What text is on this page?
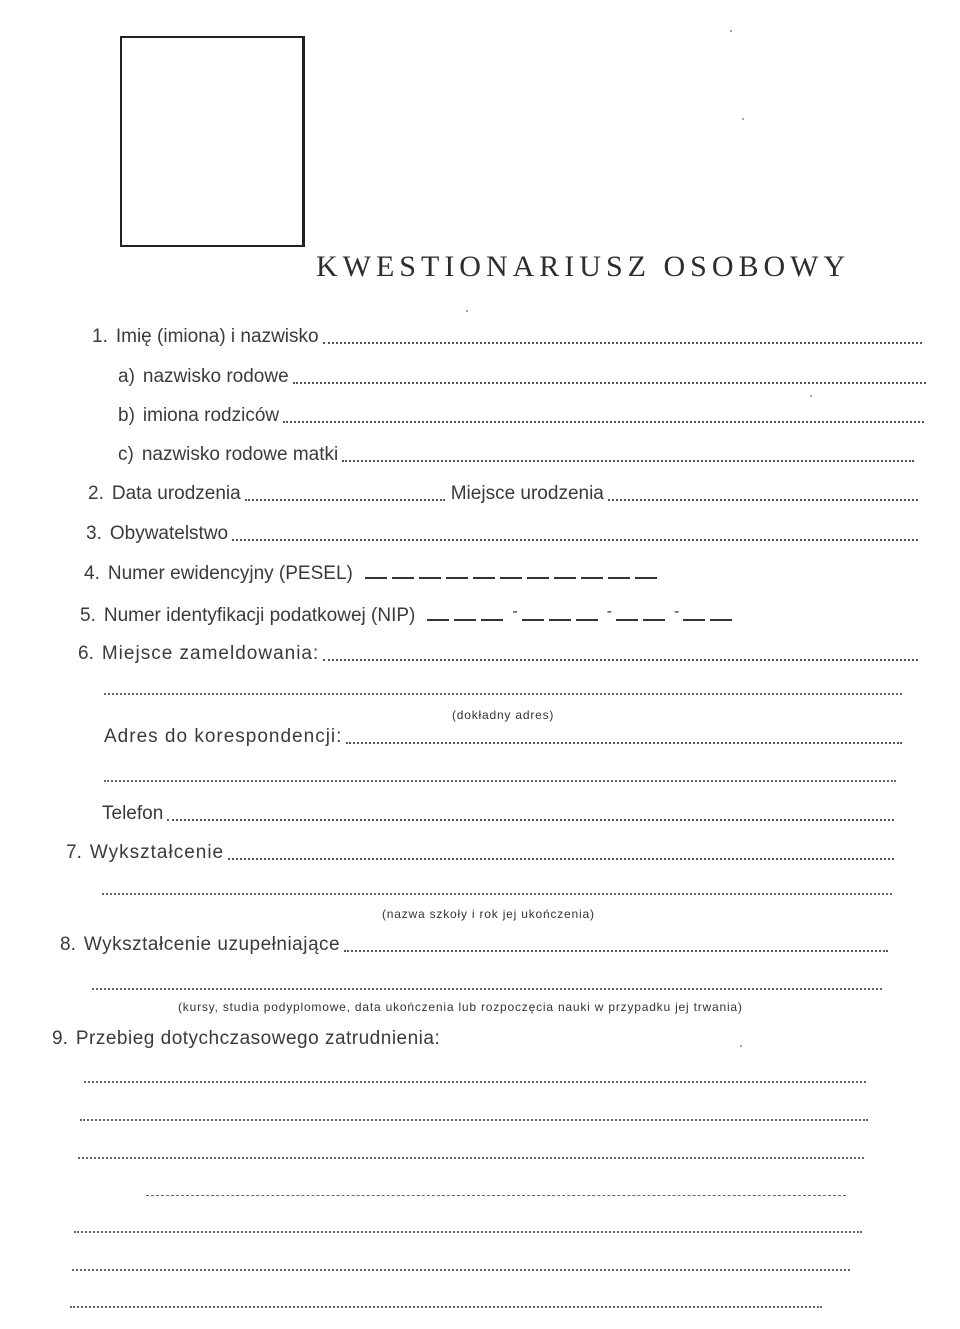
KWESTIONARIUSZ OSOBOWY
1. Imię (imiona) i nazwisko
a) nazwisko rodowe
b) imiona rodziców
c) nazwisko rodowe matki
2. Data urodzenia	Miejsce urodzenia
3. Obywatelstwo
4. Numer ewidencyjny (PESEL)
5. Numer identyfikacji podatkowej (NIP)	-	-	-
6. Miejsce zameldowania:
(dokładny adres)
Adres do korespondencji:
Telefon
7. Wykształcenie
(nazwa szkoły i rok jej ukończenia)
8. Wykształcenie uzupełniające
(kursy, studia podyplomowe, data ukończenia lub rozpoczęcia nauki w przypadku jej trwania)
9. Przebieg dotychczasowego zatrudnienia:
